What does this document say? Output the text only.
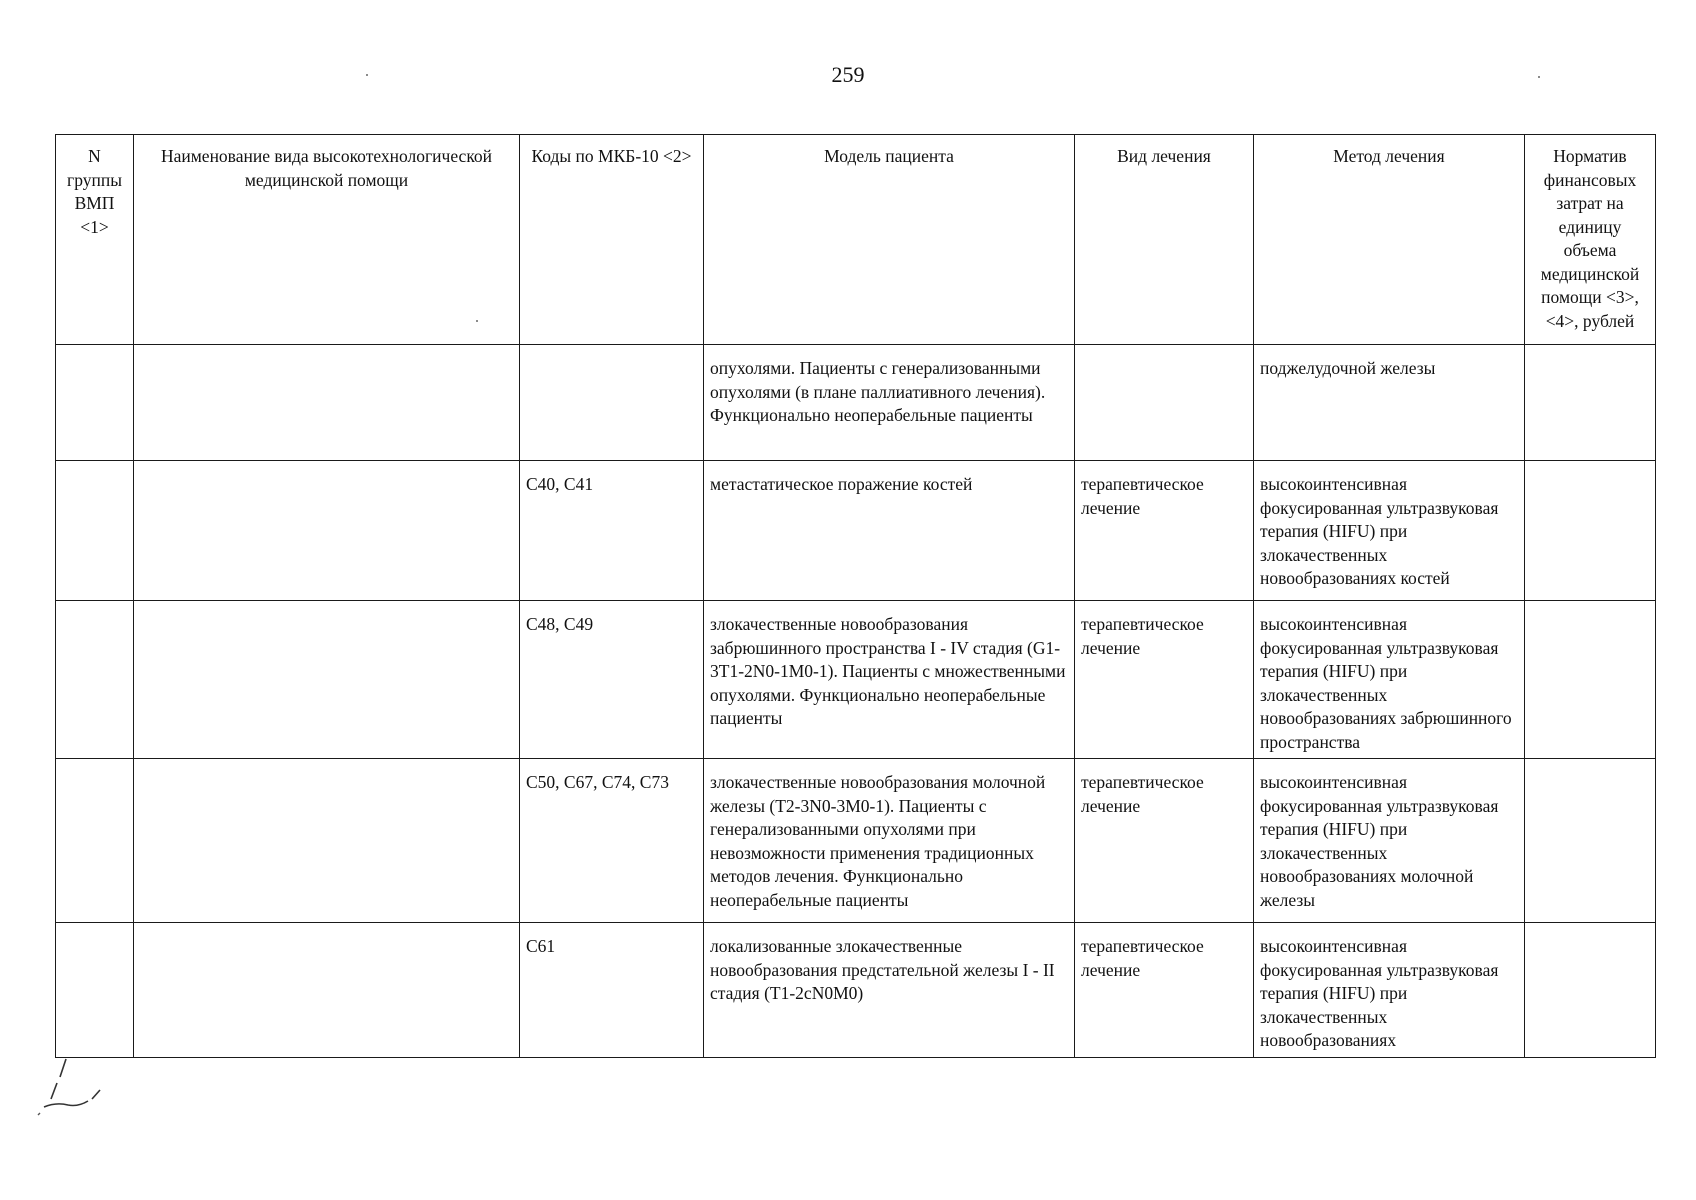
259
N группы ВМП <1>	Наименование вида высокотехнологической медицинской помощи	Коды по МКБ-10 <2>	Модель пациента	Вид лечения	Метод лечения	Норматив финансовых затрат на единицу объема медицинской помощи <3>, <4>, рублей
			опухолями. Пациенты с генерализованными опухолями (в плане паллиативного лечения). Функционально неоперабельные пациенты		поджелудочной железы	
		C40, C41	метастатическое поражение костей	терапевтическое лечение	высокоинтенсивная фокусированная ультразвуковая терапия (HIFU) при злокачественных новообразованиях костей	
		C48, C49	злокачественные новообразования забрюшинного пространства I - IV стадия (G1-3T1-2N0-1M0-1). Пациенты с множественными опухолями. Функционально неоперабельные пациенты	терапевтическое лечение	высокоинтенсивная фокусированная ультразвуковая терапия (HIFU) при злокачественных новообразованиях забрюшинного пространства	
		C50, C67, C74, C73	злокачественные новообразования молочной железы (T2-3N0-3M0-1). Пациенты с генерализованными опухолями при невозможности применения традиционных методов лечения. Функционально неоперабельные пациенты	терапевтическое лечение	высокоинтенсивная фокусированная ультразвуковая терапия (HIFU) при злокачественных новообразованиях молочной железы	
		C61	локализованные злокачественные новообразования предстательной железы I - II стадия (T1-2cN0M0)	терапевтическое лечение	высокоинтенсивная фокусированная ультразвуковая терапия (HIFU) при злокачественных новообразованиях	
